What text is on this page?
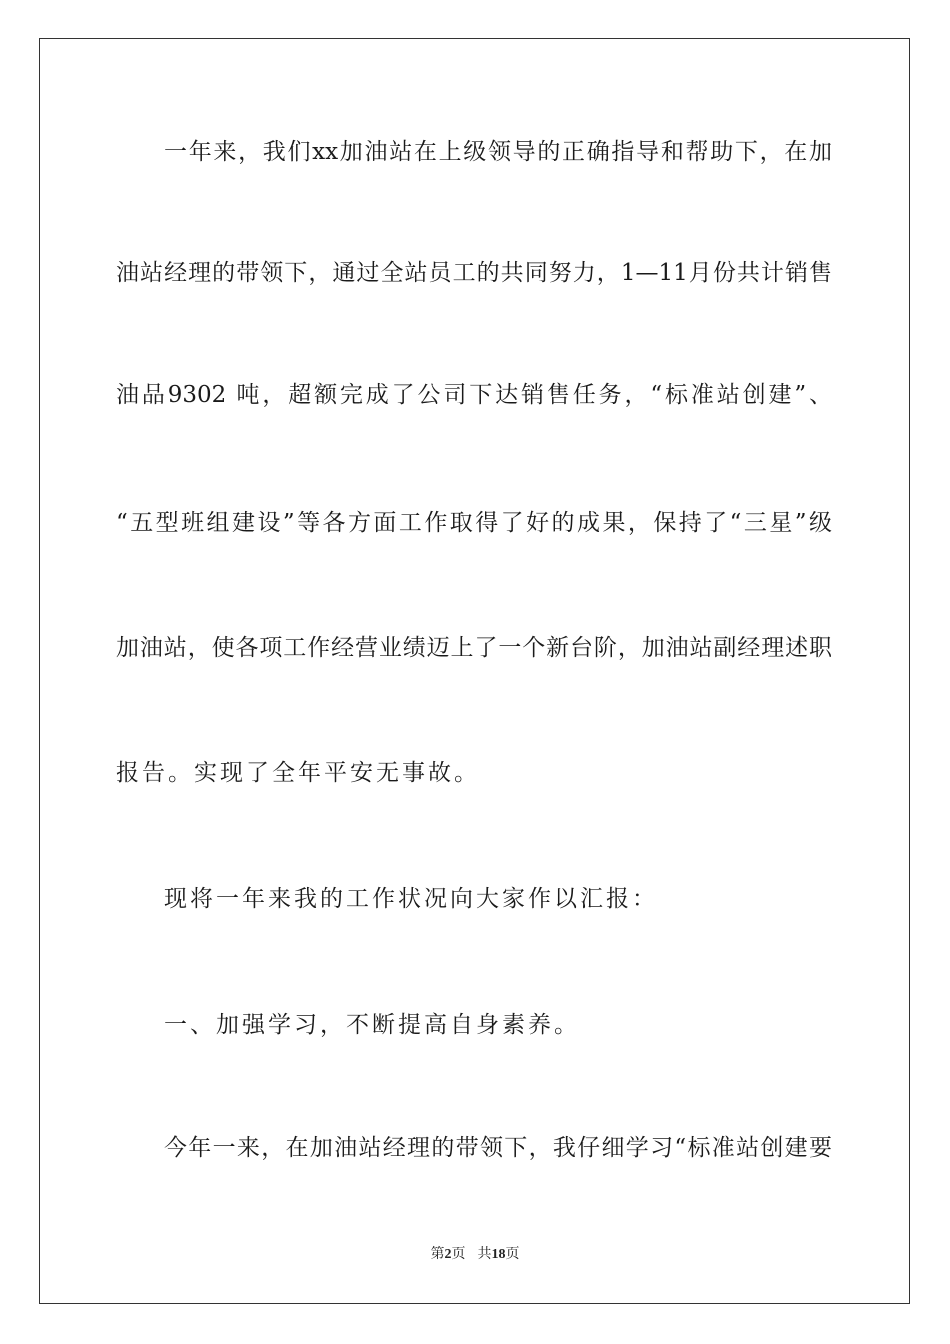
一年来，我们xx加油站在上级领导的正确指导和帮助下，在加
油站经理的带领下，通过全站员工的共同努力，1—11月份共计销售
油品9302 吨，超额完成了公司下达销售任务，“标准站创建”、
“五型班组建设”等各方面工作取得了好的成果，保持了“三星”级
加油站，使各项工作经营业绩迈上了一个新台阶，加油站副经理述职
报告。实现了全年平安无事故。
现将一年来我的工作状况向大家作以汇报：
一、加强学习，不断提高自身素养。
今年一来，在加油站经理的带领下，我仔细学习“标准站创建要
第2页 共18页
